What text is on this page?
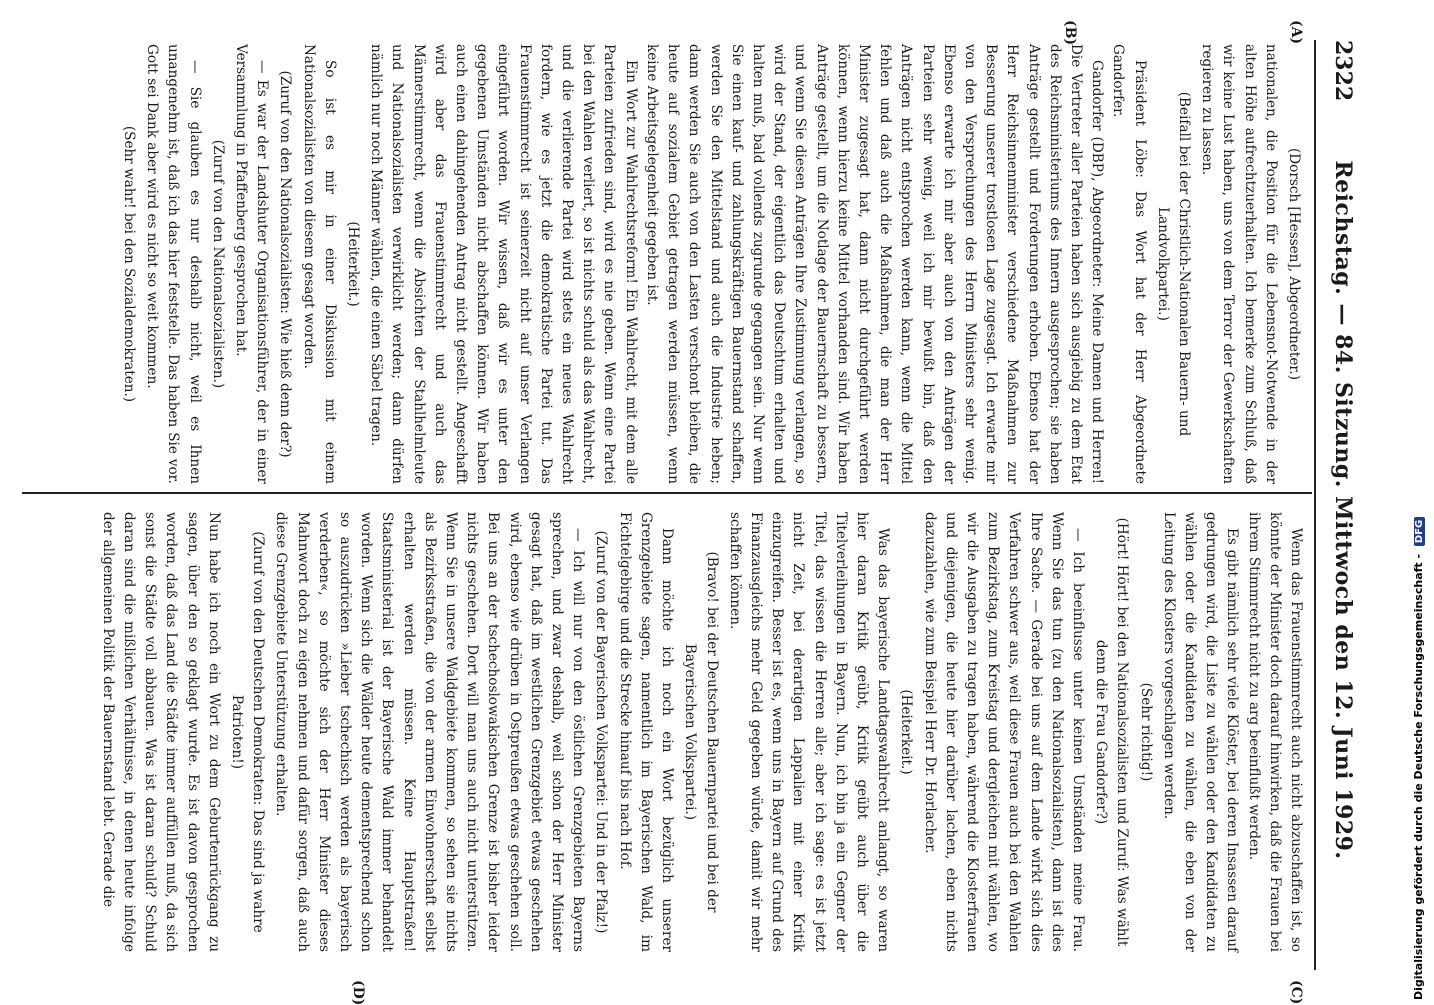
2322
Reichstag. — 84. Sitzung. Mittwoch den 12. Juni 1929.
(A)
(B)
(C)
(D)

(Dorsch [Hessen], Abgeordneter.)

nationalen, die Position für die Lebensnot-Notwende in der alten Höhe aufrechtzuerhalten. Ich bemerke zum Schluß, daß wir keine Lust haben, uns von dem Terror der Gewerkschaften regieren zu lassen.

(Beifall bei der Christlich-Nationalen Bauern- und Landvolkpartei.)

Präsident Löbe: Das Wort hat der Herr Abgeordnete Gandorfer.

Gandorfer (DBP), Abgeordneter: Meine Damen und Herren! Die Vertreter aller Parteien haben sich ausgiebig zu dem Etat des Reichsministeriums des Innern ausgesprochen; sie haben Anträge gestellt und Forderungen erhoben. Ebenso hat der Herr Reichsinnenminister verschiedene Maßnahmen zur Besserung unserer trostlosen Lage zugesagt. Ich erwarte mir von den Versprechungen des Herrn Ministers sehr wenig. Ebenso erwarte ich mir aber auch von den Anträgen der Parteien sehr wenig, weil ich mir bewußt bin, daß den Anträgen nicht entsprochen werden kann, wenn die Mittel fehlen und daß auch die Maßnahmen, die man der Herr Minister zugesagt hat, dann nicht durchgeführt werden können, wenn hierzu keine Mittel vorhanden sind. Wir haben Anträge gestellt, um die Notlage der Bauernschaft zu bessern, und wenn Sie diesen Anträgen Ihre Zustimmung verlangen, so wird der Stand, der eigentlich das Deutschtum erhalten und halten muß, bald vollends zugrunde gegangen sein. Nur wenn Sie einen kauf- und zahlungskräftigen Bauernstand schaffen, werden Sie den Mittelstand und auch die Industrie heben; dann werden Sie auch von den Lasten verschont bleiben, die heute auf sozialem Gebiet getragen werden müssen, wenn keine Arbeitsgelegenheit gegeben ist.

Ein Wort zur Wahlrechtsreform! Ein Wahlrecht, mit dem alle Parteien zufrieden sind, wird es nie geben. Wenn eine Partei bei den Wahlen verliert, so ist nichts schuld als das Wahlrecht, und die verlierende Partei wird stets ein neues Wahlrecht fordern, wie es jetzt die demokratische Partei tut. Das Frauenstimmrecht ist seinerzeit nicht auf unser Verlangen eingeführt worden. Wir wissen, daß wir es unter den gegebenen Umständen nicht abschaffen können. Wir haben auch einen dahingehenden Antrag nicht gestellt. Angeschafft wird aber das Frauenstimmrecht und auch das Männerstimmrecht, wenn die Absichten der Stahlhelmleute und Nationalsozialisten verwirklicht werden; dann dürfen nämlich nur noch Männer wählen, die einen Säbel tragen.

(Heiterkeit.)

So ist es mir in einer Diskussion mit einem Nationalsozialisten von diesem gesagt worden.

(Zuruf von den Nationalsozialisten: Wie hieß denn der?)

— Es war der Landshuter Organisationsführer, der in einer Versammlung in Pfaffenberg gesprochen hat.

(Zuruf von den Nationalsozialisten.)

— Sie glauben es nur deshalb nicht, weil es Ihnen unangenehm ist, daß ich das hier feststelle. Das haben Sie vor. Gott sei Dank aber wird es nicht so weit kommen.

(Sehr wahr! bei den Sozialdemokraten.)

Wenn das Frauenstimmrecht auch nicht abzuschaffen ist, so könnte der Minister doch darauf hinwirken, daß die Frauen bei ihrem Stimmrecht nicht zu arg beeinflußt werden.

Es gibt nämlich sehr viele Klöster, bei deren Insassen darauf gedrungen wird, die Liste zu wählen oder den Kandidaten zu wählen oder die Kandidaten zu wählen, die eben von der Leitung des Klosters vorgeschlagen werden.

(Sehr richtig!)

(Hört! Hört! bei den Nationalsozialisten und Zuruf: Was wählt denn die Frau Gandorfer?)

— Ich beeinflusse unter keinen Umständen meine Frau. Wenn Sie das tun (zu den Nationalsozialisten), dann ist dies Ihre Sache. — Gerade bei uns auf dem Lande wirkt sich dies Verfahren schwer aus, weil diese Frauen auch bei den Wahlen zum Bezirkstag, zum Kreistag und dergleichen mit wählen, wo wir die Ausgaben zu tragen haben, während die Klosterfrauen und diejenigen, die heute hier darüber lachen, eben nichts dazuzahlen, wie zum Beispiel Herr Dr. Horlacher.

(Heiterkeit.)

Was das bayerische Landtagswahlrecht anlangt, so waren hier daran Kritik geübt, Kritik geübt auch über die Titelverleihungen in Bayern. Nun, ich bin ja ein Gegner der Titel, das wissen die Herren alle; aber ich sage: es ist jetzt nicht Zeit, bei derartigen Lappalien mit einer Kritik einzugreifen. Besser ist es, wenn uns in Bayern auf Grund des Finanzausgleichs mehr Geld gegeben würde, damit wir mehr schaffen können.

(Bravo! bei der Deutschen Bauernpartei und bei der Bayerischen Volkspartei.)

Dann möchte ich noch ein Wort bezüglich unserer Grenzgebiete sagen, namentlich im Bayerischen Wald, im Fichtelgebirge und die Strecke hinauf bis nach Hof.

(Zuruf von der Bayerischen Volkspartei: Und in der Pfalz!)

— Ich will nur von den östlichen Grenzgebieten Bayerns sprechen, und zwar deshalb, weil schon der Herr Minister gesagt hat, daß im westlichen Grenzgebiet etwas geschehen wird, ebenso wie drüben in Ostpreußen etwas geschehen soll. Bei uns an der tschechoslowakischen Grenze ist bisher leider nichts geschehen. Dort will man uns auch nicht unterstützen. Wenn Sie in unsere Waldgebiete kommen, so sehen sie nichts als Bezirksstraßen, die von der armen Einwohnerschaft selbst erhalten werden müssen. Keine Hauptstraßen! Staatsministerial ist der Bayerische Wald immer behandelt worden. Wenn sich die Wälder heute dementsprechend schon so auszudrücken »Lieber tschechisch werden als bayerisch verderben«, so möchte sich der Herr Minister dieses Mahnwort doch zu eigen nehmen und dafür sorgen, daß auch diese Grenzgebiete Unterstützung erhalten.

(Zuruf von den Deutschen Demokraten: Das sind ja wahre Patrioten!)

Nun habe ich noch ein Wort zu dem Geburtenrückgang zu sagen, über den so geklagt wurde. Es ist davon gesprochen worden, daß das Land die Städte immer auffüllen muß, da sich sonst die Städte voll abbauen. Was ist daran schuld? Schuld daran sind die mißlichen Verhältnisse, in denen heute infolge der allgemeinen Politik der Bauernstand lebt. Gerade die	Digitalisierung gefördert durch die Deutsche Forschungsgemeinschaft - DFG
